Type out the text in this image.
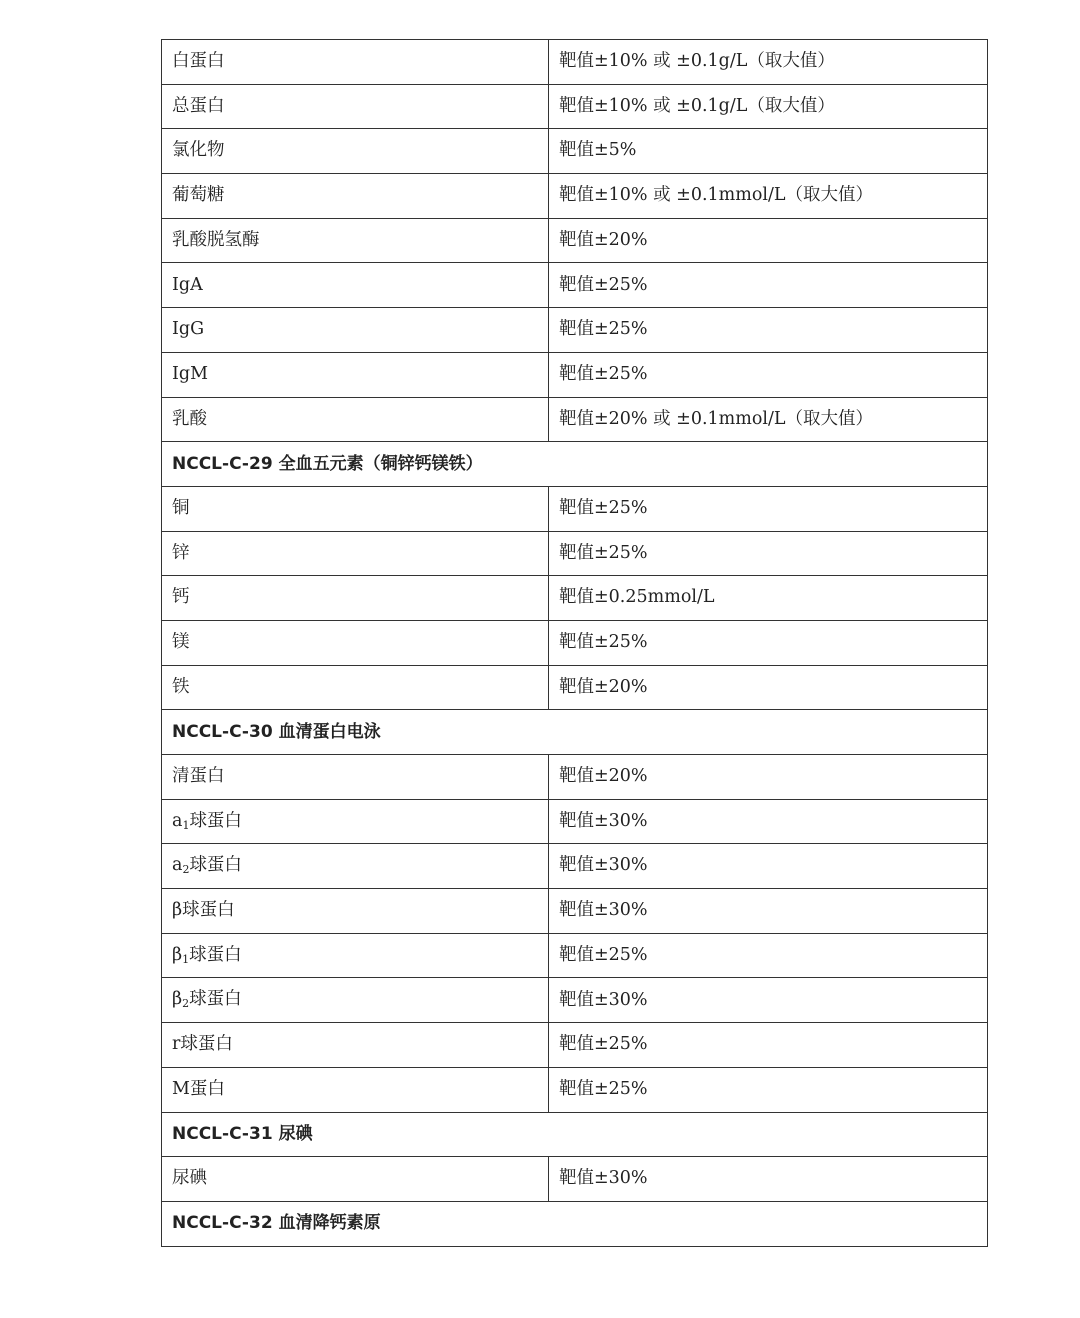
白蛋白	靶值±10% 或 ±0.1g/L（取大值）
总蛋白	靶值±10% 或 ±0.1g/L（取大值）
氯化物	靶值±5%
葡萄糖	靶值±10% 或 ±0.1mmol/L（取大值）
乳酸脱氢酶	靶值±20%
IgA	靶值±25%
IgG	靶值±25%
IgM	靶值±25%
乳酸	靶值±20% 或 ±0.1mmol/L（取大值）
NCCL-C-29 全血五元素（铜锌钙镁铁）	
铜	靶值±25%
锌	靶值±25%
钙	靶值±0.25mmol/L
镁	靶值±25%
铁	靶值±20%
NCCL-C-30 血清蛋白电泳	
清蛋白	靶值±20%
$a_1$球蛋白	靶值±30%
$a_2$球蛋白	靶值±30%
β球蛋白	靶值±30%
$\beta_1$球蛋白	靶值±25%
$\beta_2$球蛋白	靶值±30%
r球蛋白	靶值±25%
M蛋白	靶值±25%
NCCL-C-31 尿碘	
尿碘	靶值±30%
NCCL-C-32 血清降钙素原	
